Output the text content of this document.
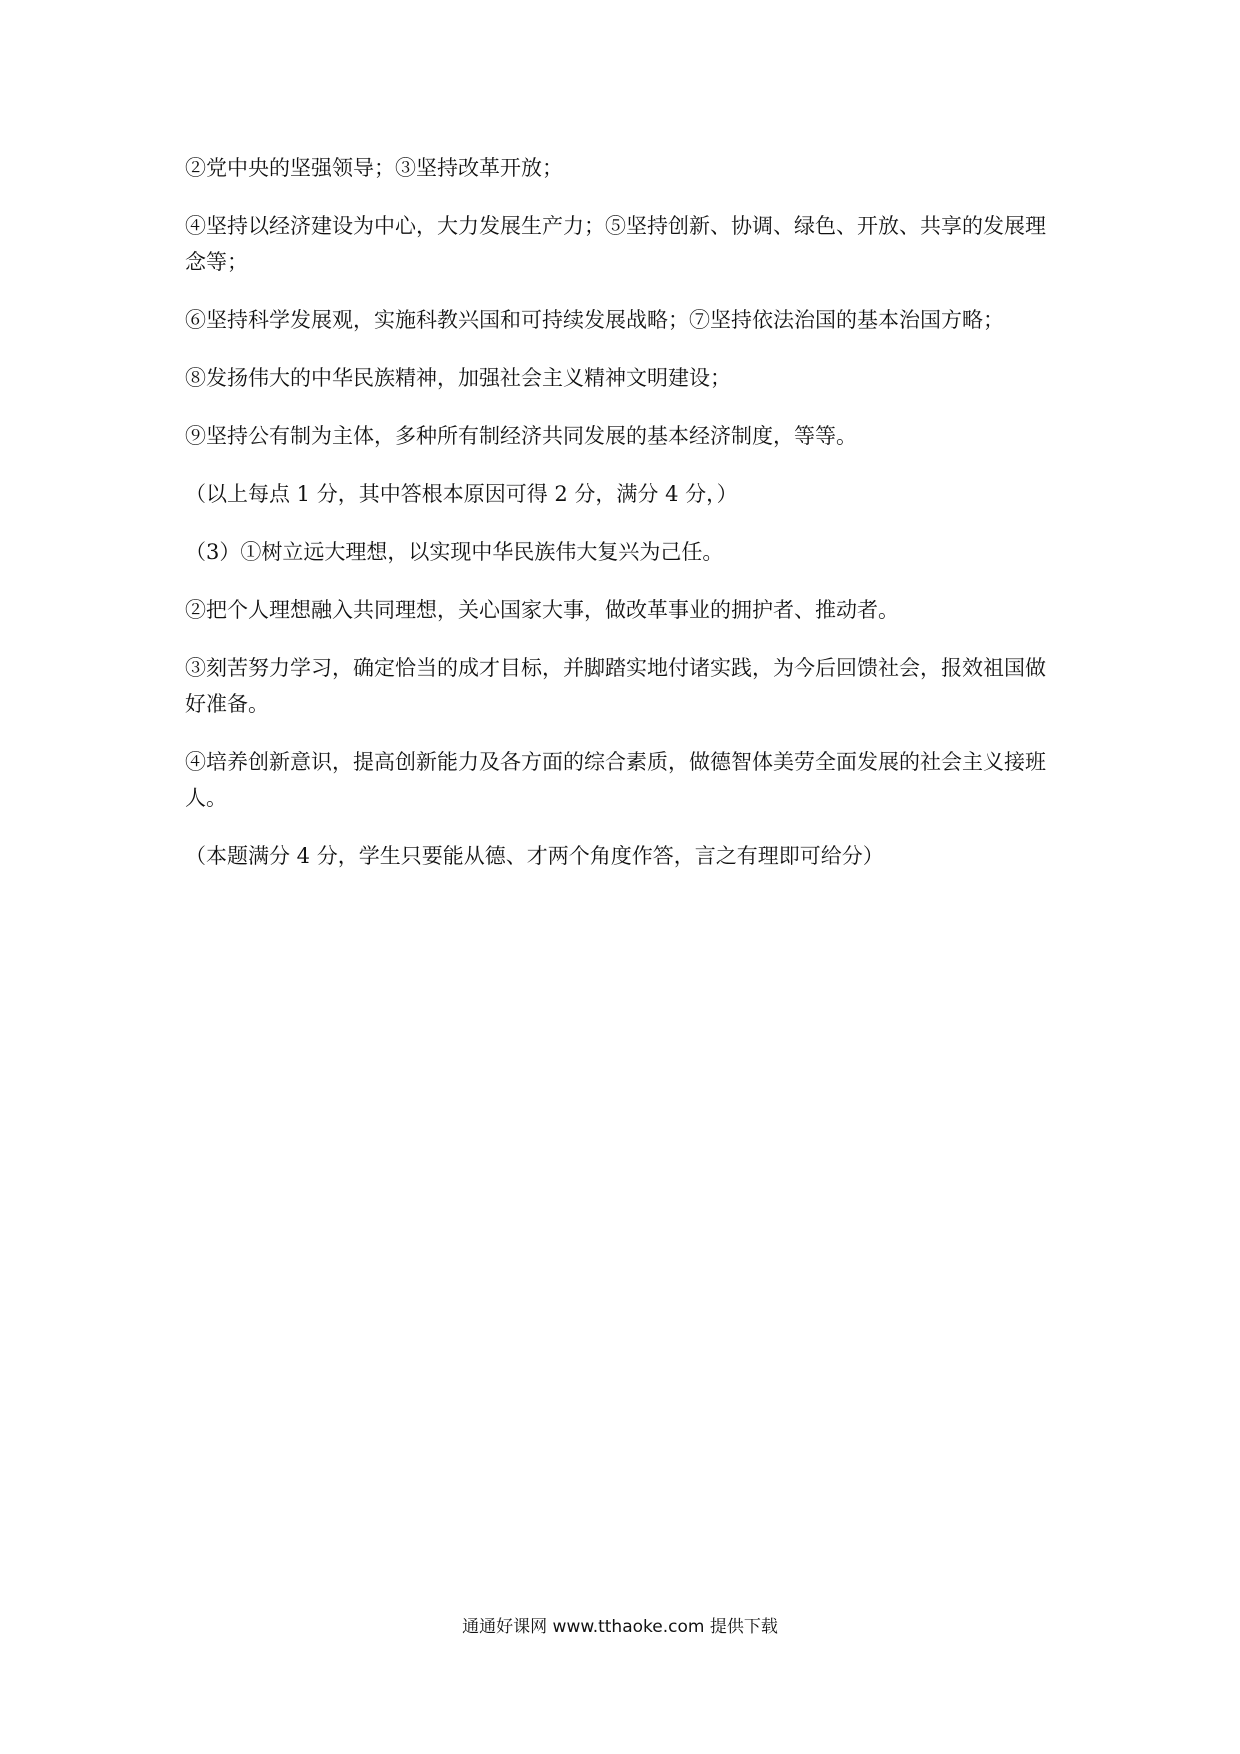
②党中央的坚强领导；③坚持改革开放；

④坚持以经济建设为中心，大力发展生产力；⑤坚持创新、协调、绿色、开放、共享的发展理念等；

⑥坚持科学发展观，实施科教兴国和可持续发展战略；⑦坚持依法治国的基本治国方略；

⑧发扬伟大的中华民族精神，加强社会主义精神文明建设；

⑨坚持公有制为主体，多种所有制经济共同发展的基本经济制度，等等。

（以上每点 1 分，其中答根本原因可得 2 分，满分 4 分，）

（3）①树立远大理想，以实现中华民族伟大复兴为己任。

②把个人理想融入共同理想，关心国家大事，做改革事业的拥护者、推动者。

③刻苦努力学习，确定恰当的成才目标，并脚踏实地付诸实践，为今后回馈社会，报效祖国做好准备。

④培养创新意识，提高创新能力及各方面的综合素质，做德智体美劳全面发展的社会主义接班人。

（本题满分 4 分，学生只要能从德、才两个角度作答，言之有理即可给分）

通通好课网 www.tthaoke.com 提供下载
